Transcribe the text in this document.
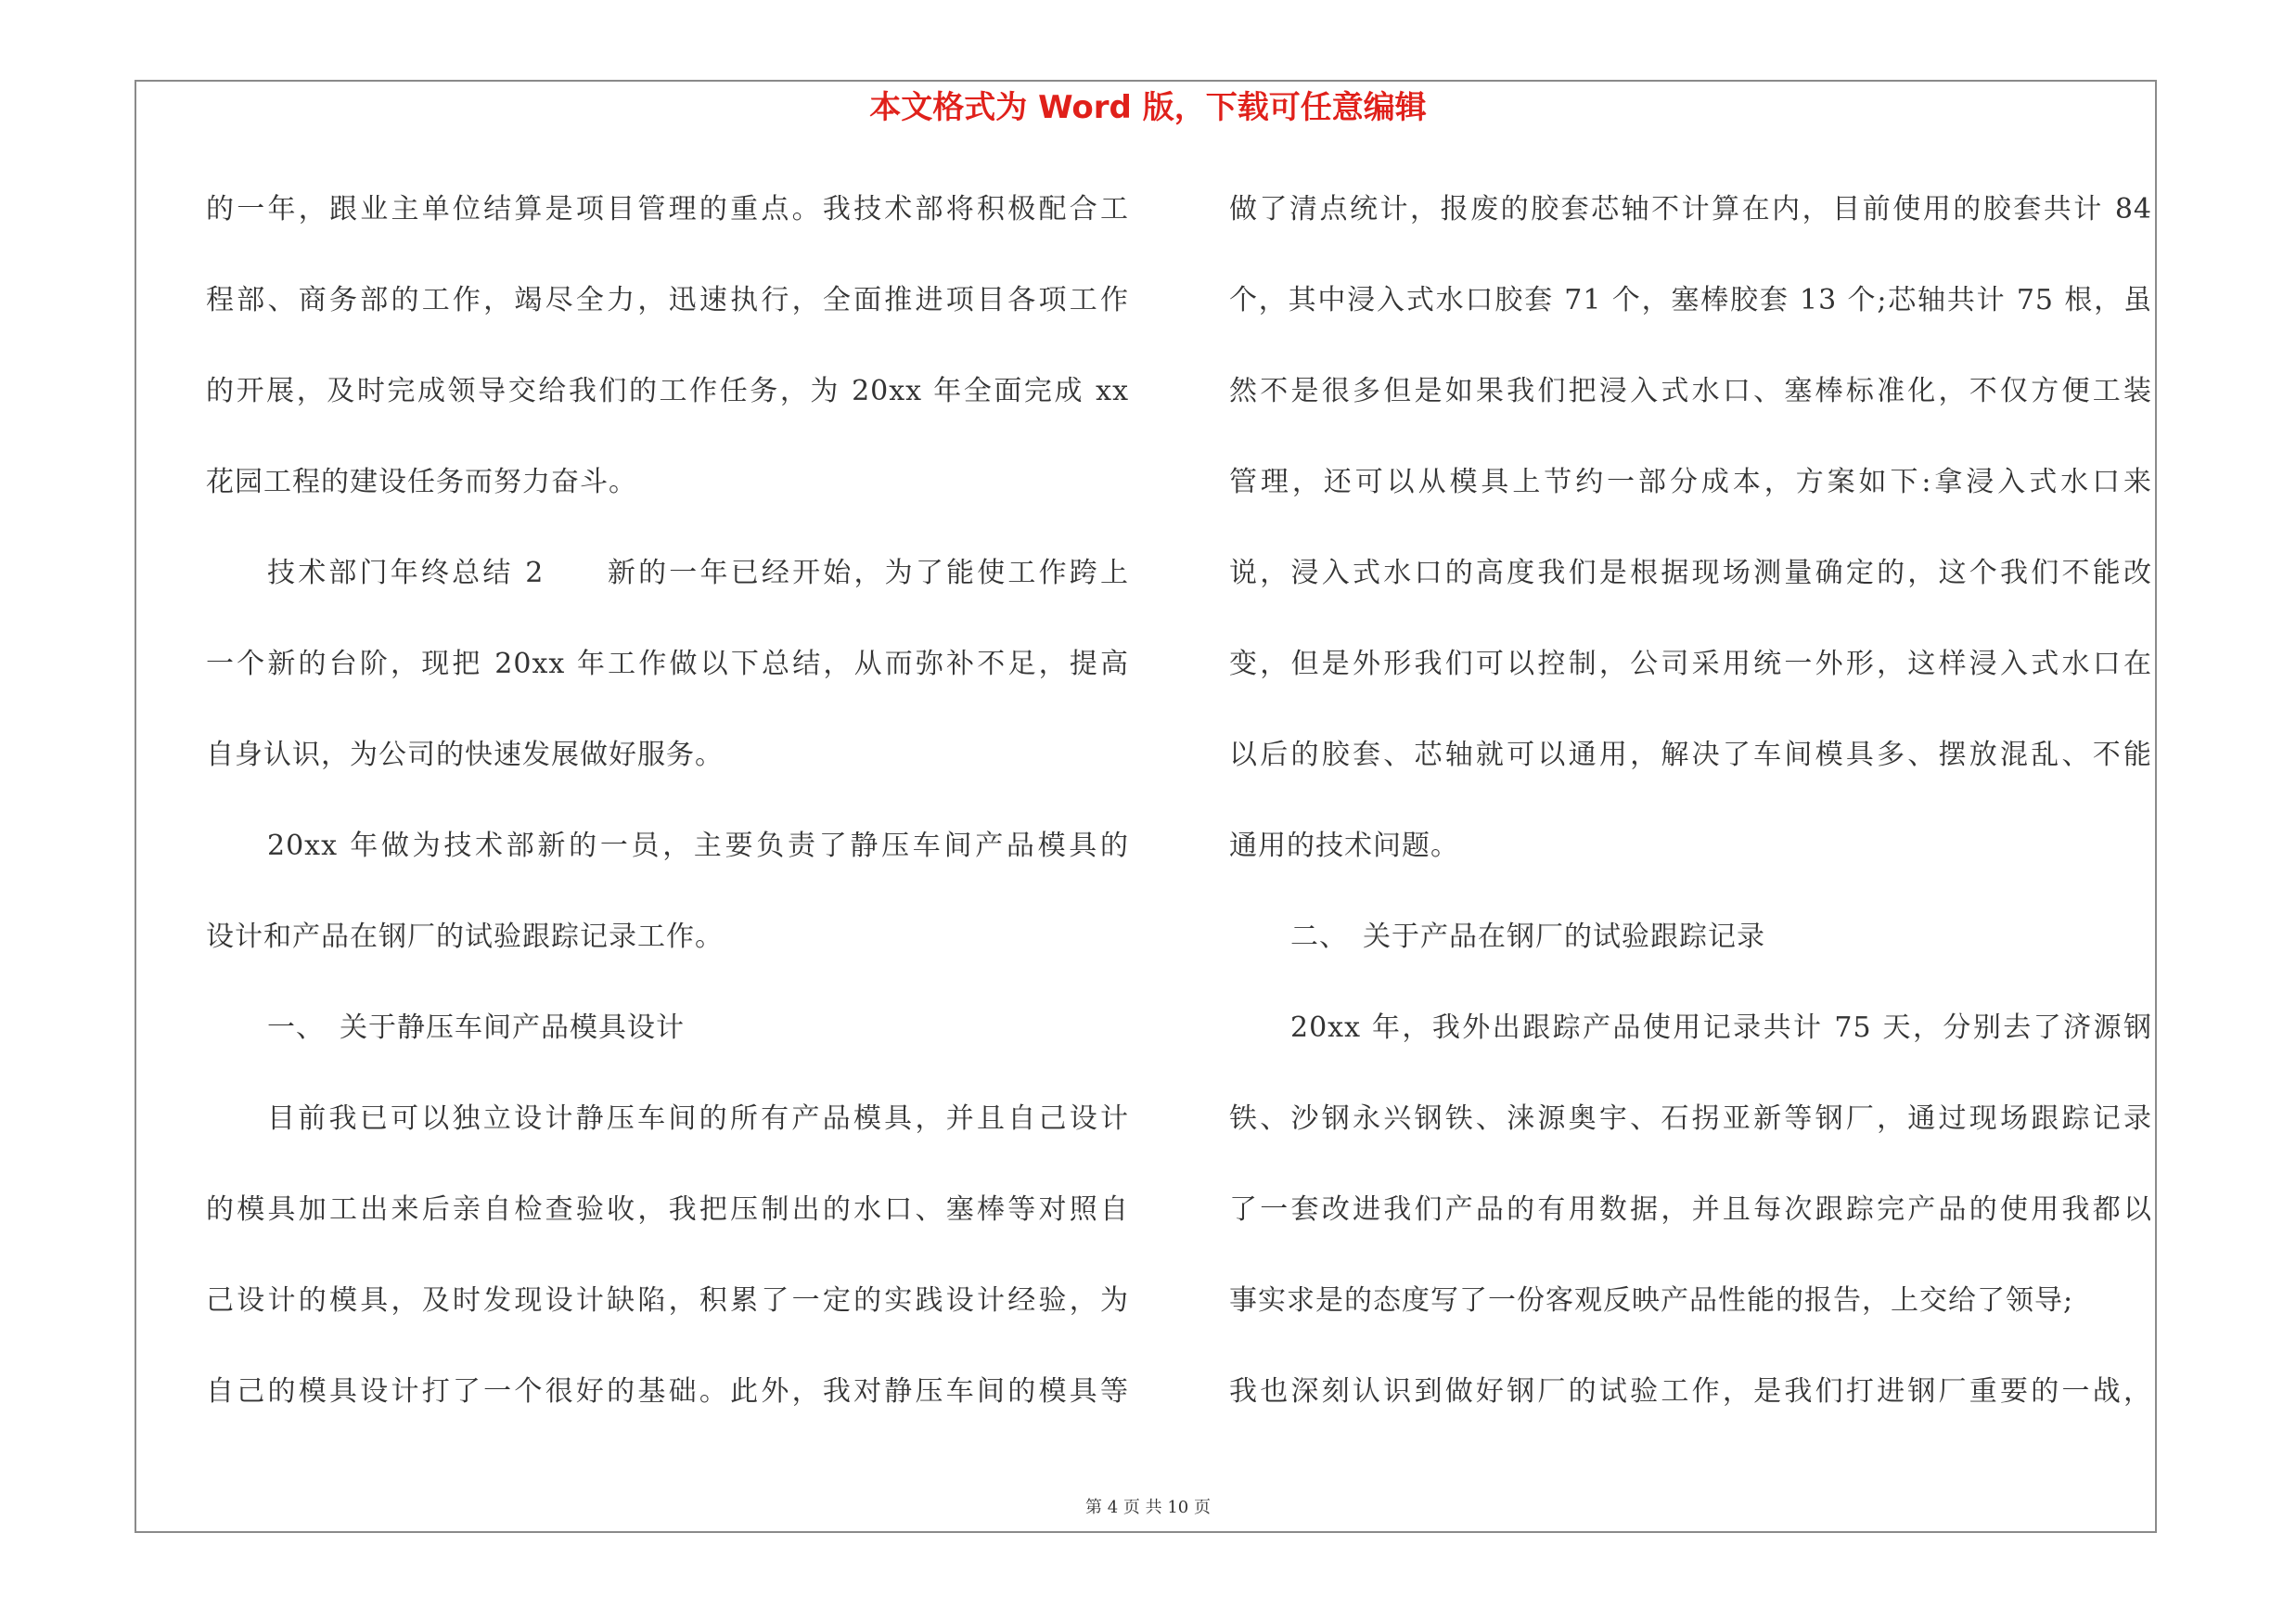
本文格式为 Word 版，下载可任意编辑
的一年，跟业主单位结算是项目管理的重点。我技术部将积极配合工
程部、商务部的工作，竭尽全力，迅速执行，全面推进项目各项工作
的开展，及时完成领导交给我们的工作任务，为 20xx 年全面完成 xx
花园工程的建设任务而努力奋斗。
技术部门年终总结 2　　新的一年已经开始，为了能使工作跨上
一个新的台阶，现把 20xx 年工作做以下总结，从而弥补不足，提高
自身认识，为公司的快速发展做好服务。
20xx 年做为技术部新的一员，主要负责了静压车间产品模具的
设计和产品在钢厂的试验跟踪记录工作。
一、　关于静压车间产品模具设计
目前我已可以独立设计静压车间的所有产品模具，并且自己设计
的模具加工出来后亲自检查验收，我把压制出的水口、塞棒等对照自
己设计的模具，及时发现设计缺陷，积累了一定的实践设计经验，为
自己的模具设计打了一个很好的基础。此外，我对静压车间的模具等
做了清点统计，报废的胶套芯轴不计算在内，目前使用的胶套共计 84
个，其中浸入式水口胶套 71 个，塞棒胶套 13 个;芯轴共计 75 根，虽
然不是很多但是如果我们把浸入式水口、塞棒标准化，不仅方便工装
管理，还可以从模具上节约一部分成本，方案如下:拿浸入式水口来
说，浸入式水口的高度我们是根据现场测量确定的，这个我们不能改
变，但是外形我们可以控制，公司采用统一外形，这样浸入式水口在
以后的胶套、芯轴就可以通用，解决了车间模具多、摆放混乱、不能
通用的技术问题。
二、　关于产品在钢厂的试验跟踪记录
20xx 年，我外出跟踪产品使用记录共计 75 天，分别去了济源钢
铁、沙钢永兴钢铁、涞源奥宇、石拐亚新等钢厂，通过现场跟踪记录
了一套改进我们产品的有用数据，并且每次跟踪完产品的使用我都以
事实求是的态度写了一份客观反映产品性能的报告，上交给了领导;
我也深刻认识到做好钢厂的试验工作，是我们打进钢厂重要的一战，
第 4 页 共 10 页
